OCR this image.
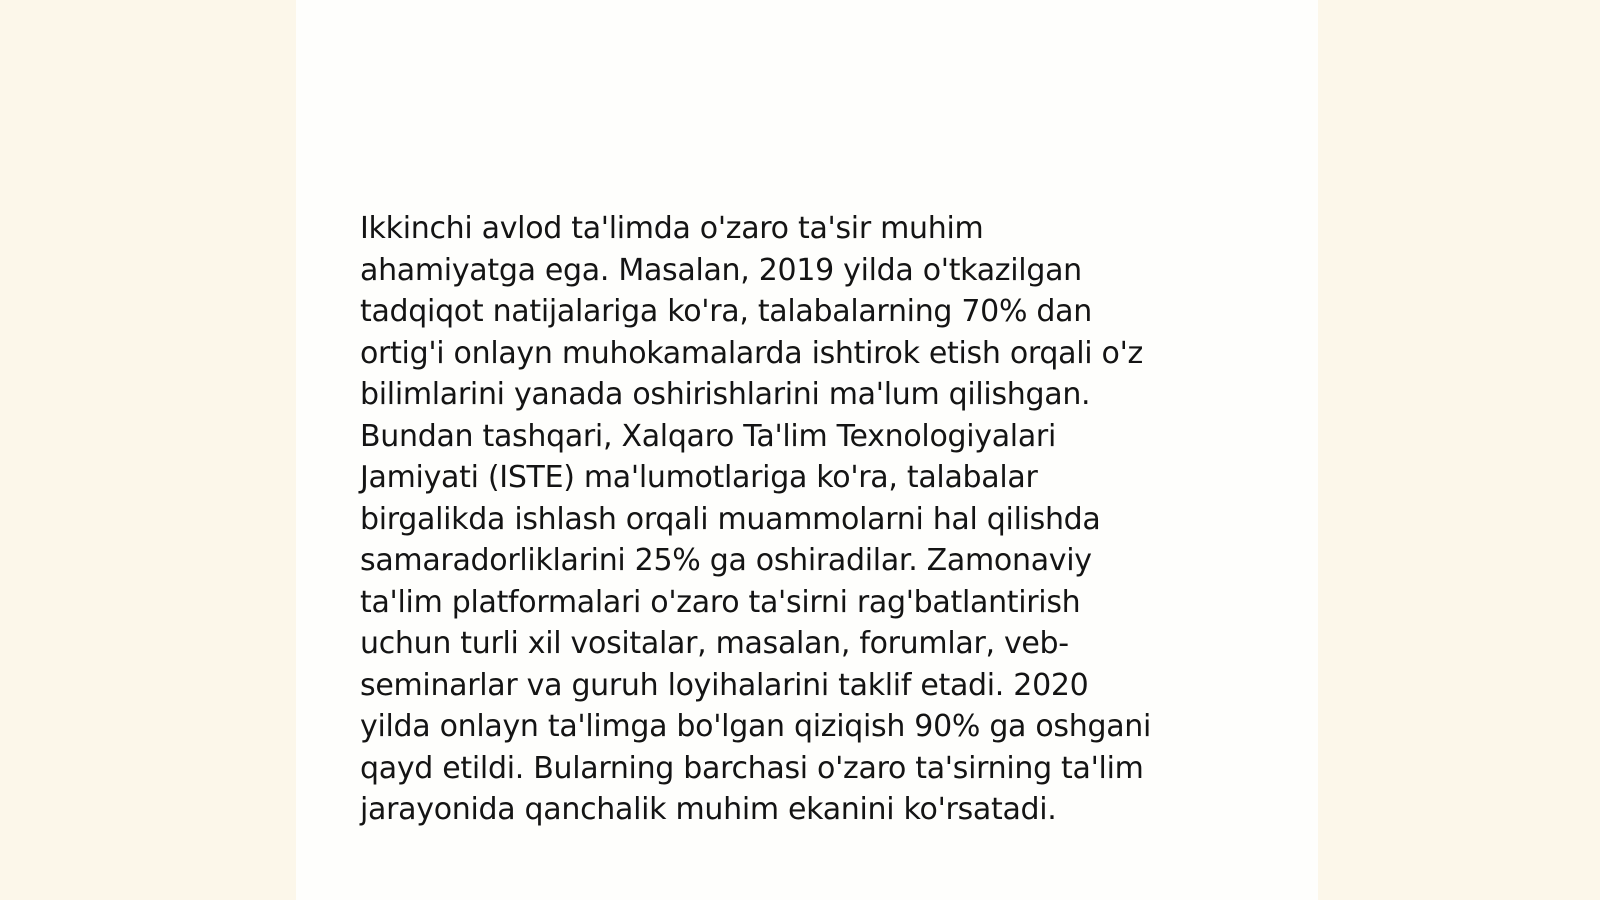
Ikkinchi avlod ta'limda o'zaro ta'sir muhim
ahamiyatga ega. Masalan, 2019 yilda o'tkazilgan
tadqiqot natijalariga ko'ra, talabalarning 70% dan
ortig'i onlayn muhokamalarda ishtirok etish orqali o'z
bilimlarini yanada oshirishlarini ma'lum qilishgan.
Bundan tashqari, Xalqaro Ta'lim Texnologiyalari
Jamiyati (ISTE) ma'lumotlariga ko'ra, talabalar
birgalikda ishlash orqali muammolarni hal qilishda
samaradorliklarini 25% ga oshiradilar. Zamonaviy
ta'lim platformalari o'zaro ta'sirni rag'batlantirish
uchun turli xil vositalar, masalan, forumlar, veb-
seminarlar va guruh loyihalarini taklif etadi. 2020
yilda onlayn ta'limga bo'lgan qiziqish 90% ga oshgani
qayd etildi. Bularning barchasi o'zaro ta'sirning ta'lim
jarayonida qanchalik muhim ekanini ko'rsatadi.
